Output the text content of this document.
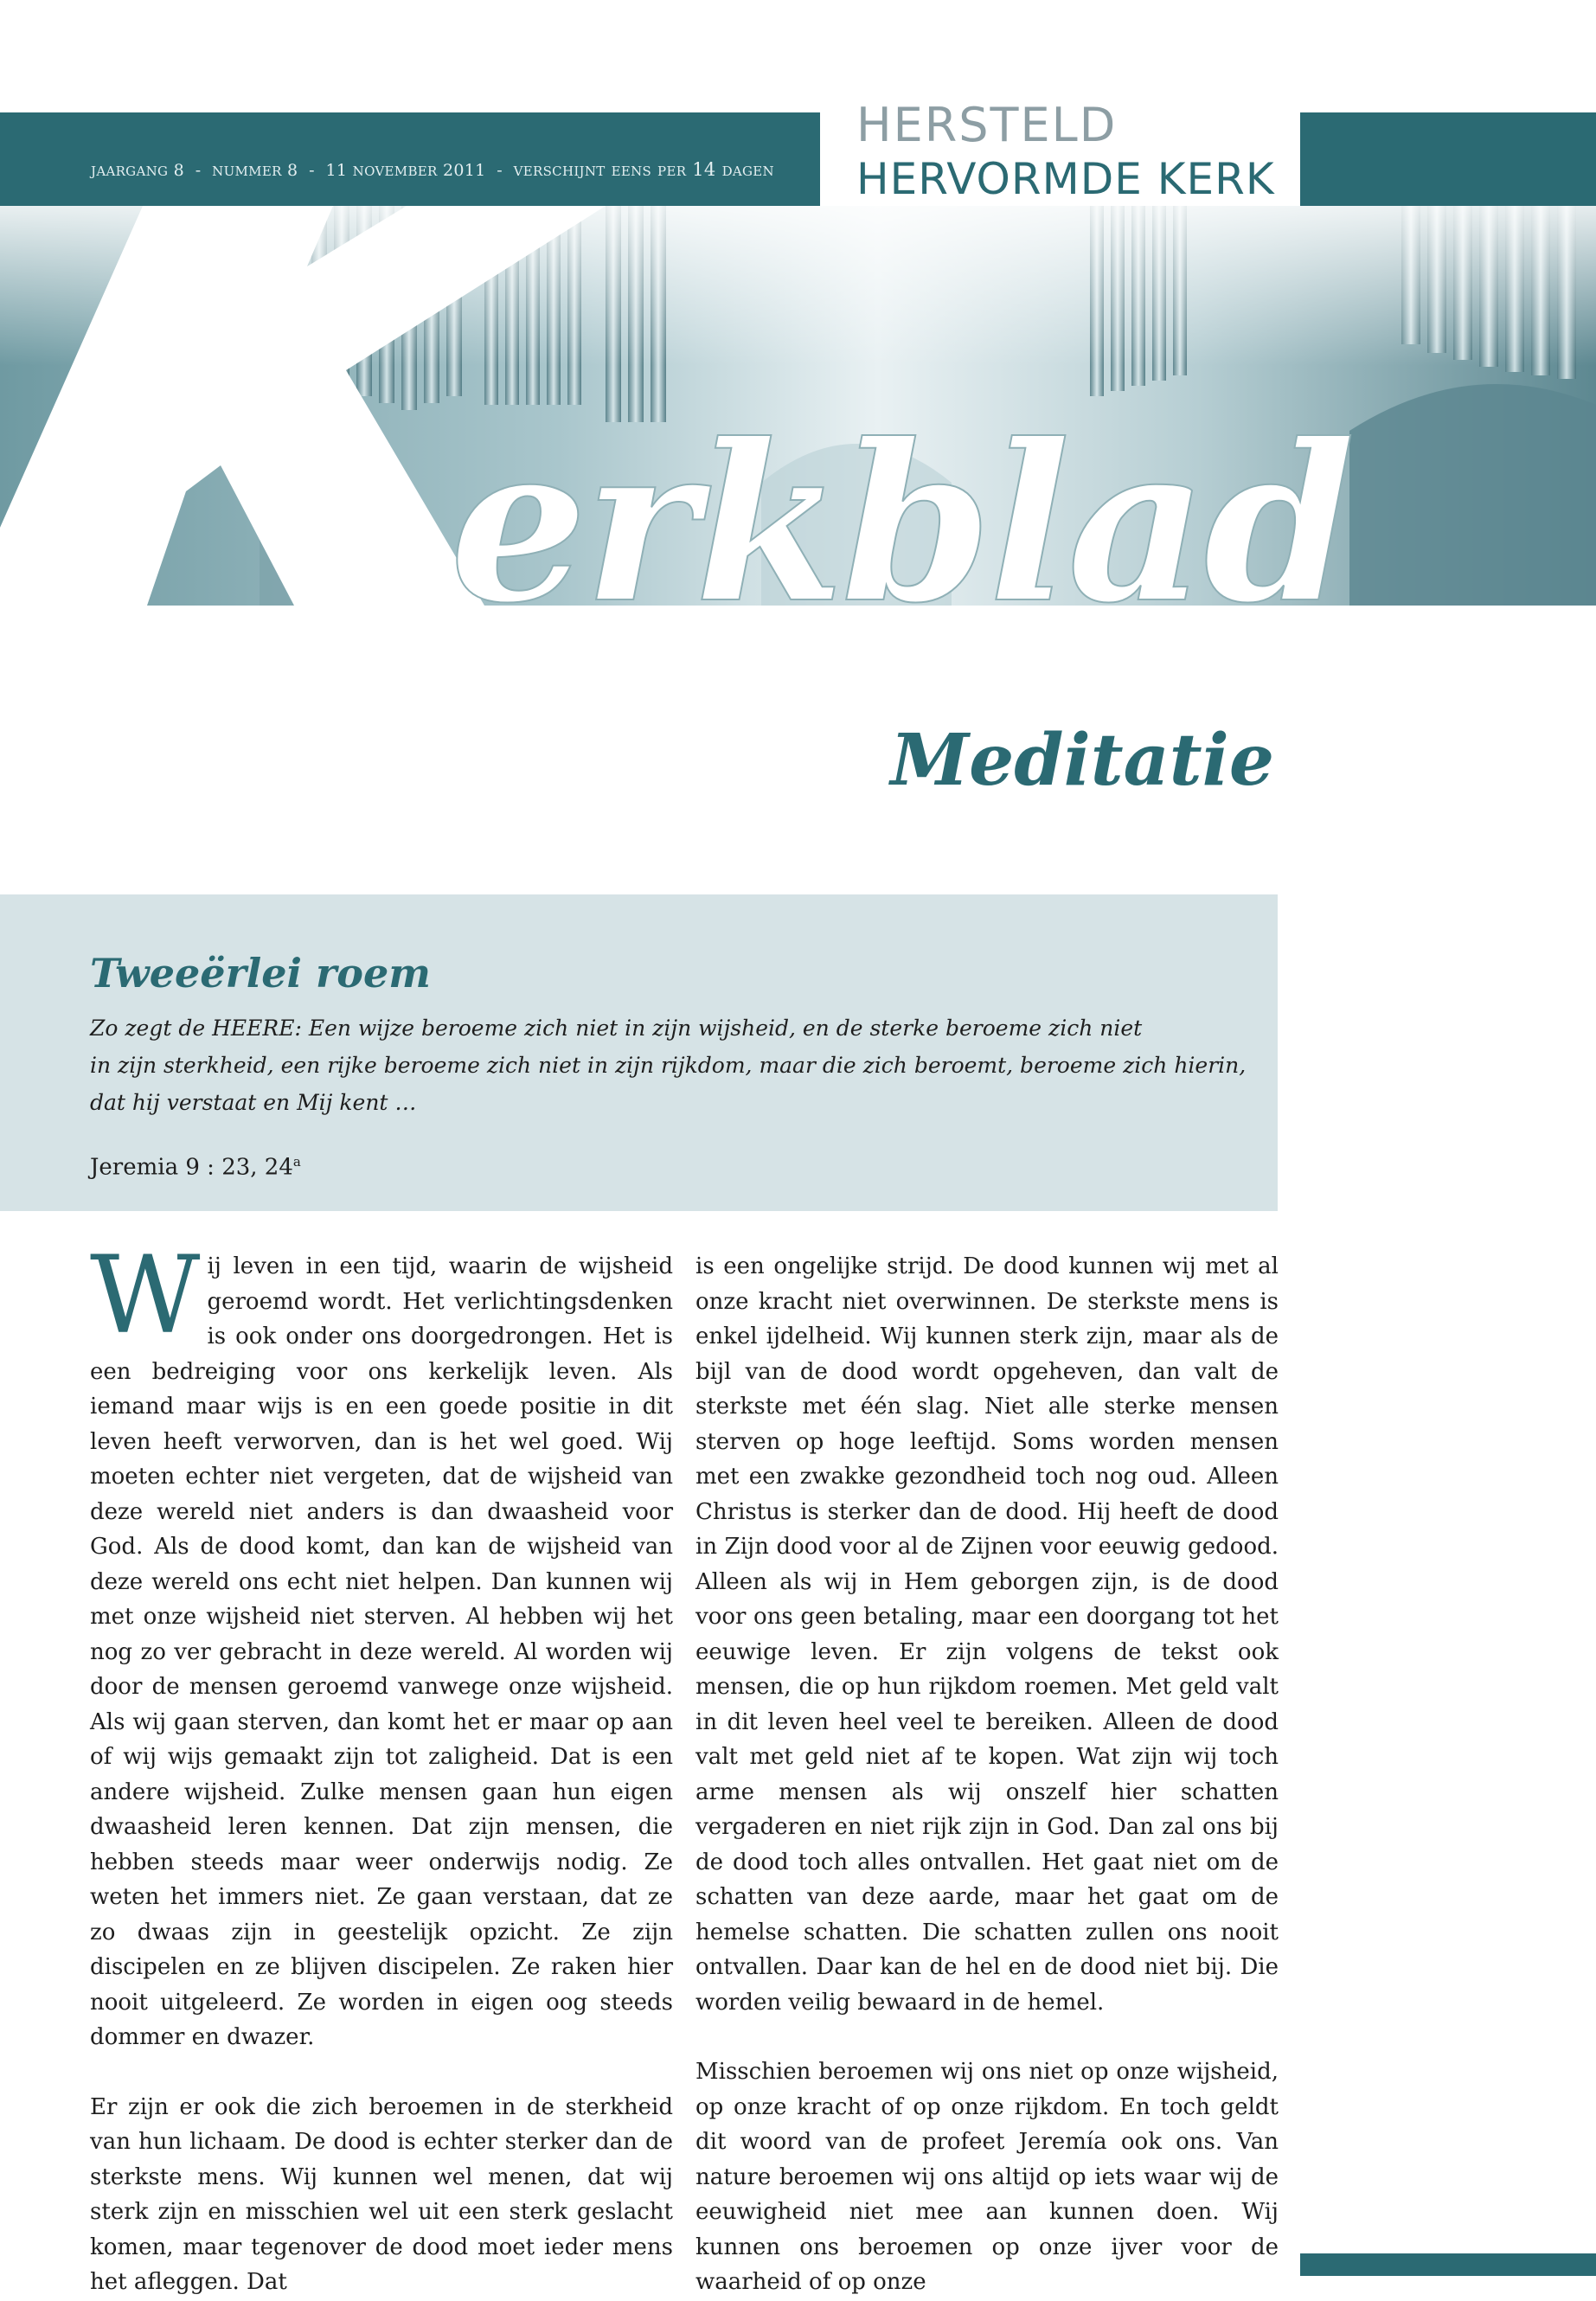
jaargang 8 - nummer 8 - 11 november 2011 - verschijnt eens per 14 dagen
HERSTELD
HERVORMDE KERK
erkblad
Meditatie
Tweeërlei roem
Zo zegt de HEERE: Een wijze beroeme zich niet in zijn wijsheid, en de sterke beroeme zich niet
in zijn sterkheid, een rijke beroeme zich niet in zijn rijkdom, maar die zich beroemt, beroeme zich hierin,
dat hij verstaat en Mij kent …
Jeremia 9 : 23, 24$^a$

Wij leven in een tijd, waarin de wijsheid geroemd wordt. Het verlichtingsdenken is ook onder ons doorgedrongen. Het is een bedreiging voor ons kerkelijk leven. Als iemand maar wijs is en een goede positie in dit leven heeft verworven, dan is het wel goed. Wij moeten echter niet vergeten, dat de wijsheid van deze wereld niet anders is dan dwaasheid voor God. Als de dood komt, dan kan de wijsheid van deze wereld ons echt niet helpen. Dan kunnen wij met onze wijsheid niet sterven. Al hebben wij het nog zo ver gebracht in deze wereld. Al worden wij door de mensen geroemd vanwege onze wijsheid. Als wij gaan sterven, dan komt het er maar op aan of wij wijs gemaakt zijn tot zaligheid. Dat is een andere wijsheid. Zulke mensen gaan hun eigen dwaasheid leren kennen. Dat zijn mensen, die hebben steeds maar weer onderwijs nodig. Ze weten het immers niet. Ze gaan verstaan, dat ze zo dwaas zijn in geestelijk opzicht. Ze zijn discipelen en ze blijven discipelen. Ze raken hier nooit uitgeleerd. Ze worden in eigen oog steeds dommer en dwazer.

Er zijn er ook die zich beroemen in de sterkheid van hun lichaam. De dood is echter sterker dan de sterkste mens. Wij kunnen wel menen, dat wij sterk zijn en misschien wel uit een sterk geslacht komen, maar tegenover de dood moet ieder mens het afleggen. Dat

is een ongelijke strijd. De dood kunnen wij met al onze kracht niet overwinnen. De sterkste mens is enkel ijdelheid. Wij kunnen sterk zijn, maar als de bijl van de dood wordt opgeheven, dan valt de sterkste met één slag. Niet alle sterke mensen sterven op hoge leeftijd. Soms worden mensen met een zwakke gezondheid toch nog oud. Alleen Christus is sterker dan de dood. Hij heeft de dood in Zijn dood voor al de Zijnen voor eeuwig gedood. Alleen als wij in Hem geborgen zijn, is de dood voor ons geen betaling, maar een doorgang tot het eeuwige leven. Er zijn volgens de tekst ook mensen, die op hun rijkdom roemen. Met geld valt in dit leven heel veel te bereiken. Alleen de dood valt met geld niet af te kopen. Wat zijn wij toch arme mensen als wij onszelf hier schatten vergaderen en niet rijk zijn in God. Dan zal ons bij de dood toch alles ontvallen. Het gaat niet om de schatten van deze aarde, maar het gaat om de hemelse schatten. Die schatten zullen ons nooit ontvallen. Daar kan de hel en de dood niet bij. Die worden veilig bewaard in de hemel.

Misschien beroemen wij ons niet op onze wijsheid, op onze kracht of op onze rijkdom. En toch geldt dit woord van de profeet Jeremía ook ons. Van nature beroemen wij ons altijd op iets waar wij de eeuwigheid niet mee aan kunnen doen. Wij kunnen ons beroemen op onze ijver voor de waarheid of op onze
